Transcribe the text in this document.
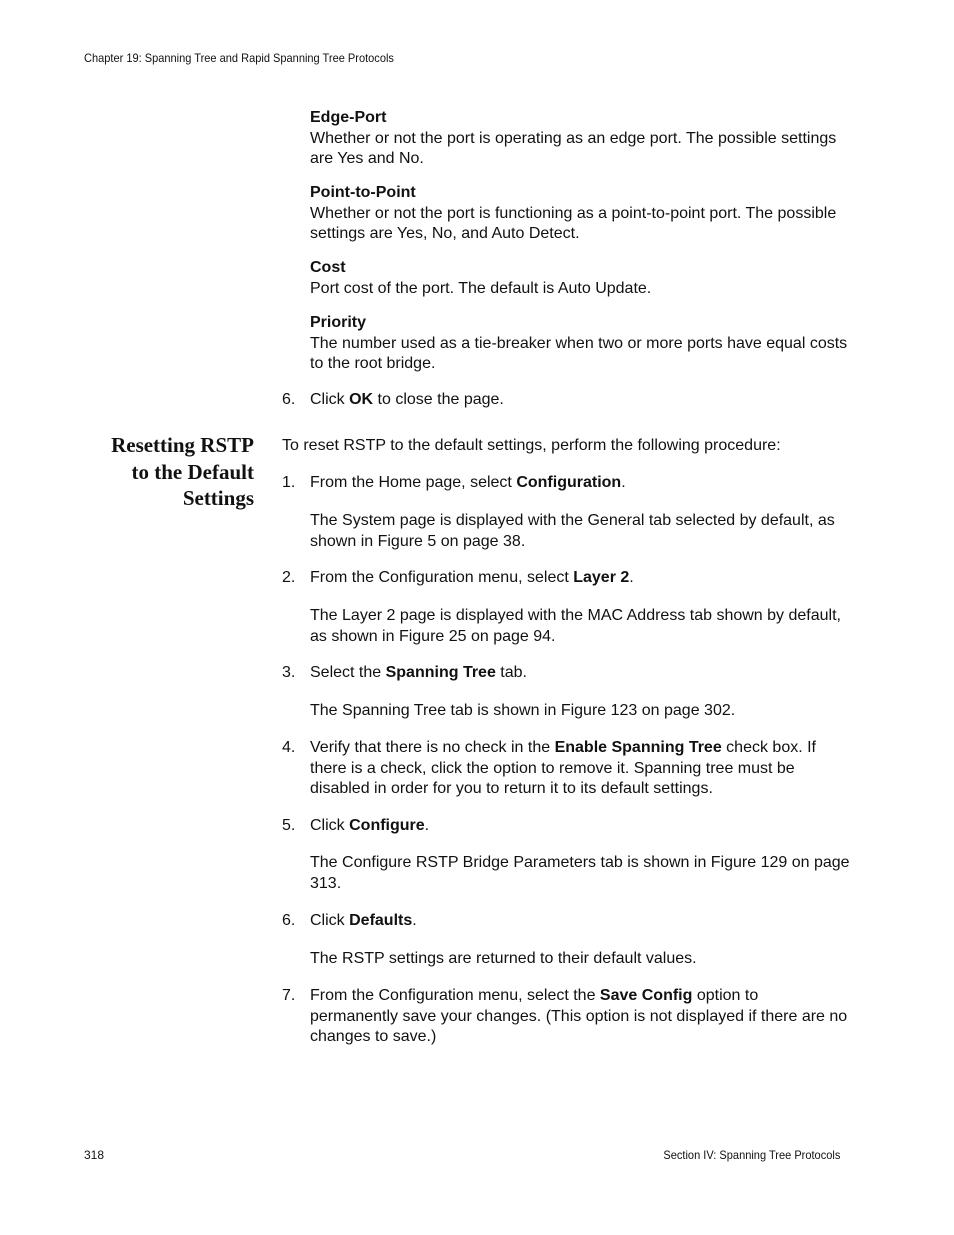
Chapter 19: Spanning Tree and Rapid Spanning Tree Protocols
Edge-Port
Whether or not the port is operating as an edge port. The possible settings are Yes and No.
Point-to-Point
Whether or not the port is functioning as a point-to-point port. The possible settings are Yes, No, and Auto Detect.
Cost
Port cost of the port. The default is Auto Update.
Priority
The number used as a tie-breaker when two or more ports have equal costs to the root bridge.
6. Click OK to close the page.
Resetting RSTP
to the Default
Settings
To reset RSTP to the default settings, perform the following procedure:
1. From the Home page, select Configuration.
The System page is displayed with the General tab selected by default, as shown in Figure 5 on page 38.
2. From the Configuration menu, select Layer 2.
The Layer 2 page is displayed with the MAC Address tab shown by default, as shown in Figure 25 on page 94.
3. Select the Spanning Tree tab.
The Spanning Tree tab is shown in Figure 123 on page 302.
4. Verify that there is no check in the Enable Spanning Tree check box. If there is a check, click the option to remove it. Spanning tree must be disabled in order for you to return it to its default settings.
5. Click Configure.
The Configure RSTP Bridge Parameters tab is shown in Figure 129 on page 313.
6. Click Defaults.
The RSTP settings are returned to their default values.
7. From the Configuration menu, select the Save Config option to permanently save your changes. (This option is not displayed if there are no changes to save.)
318	Section IV: Spanning Tree Protocols
